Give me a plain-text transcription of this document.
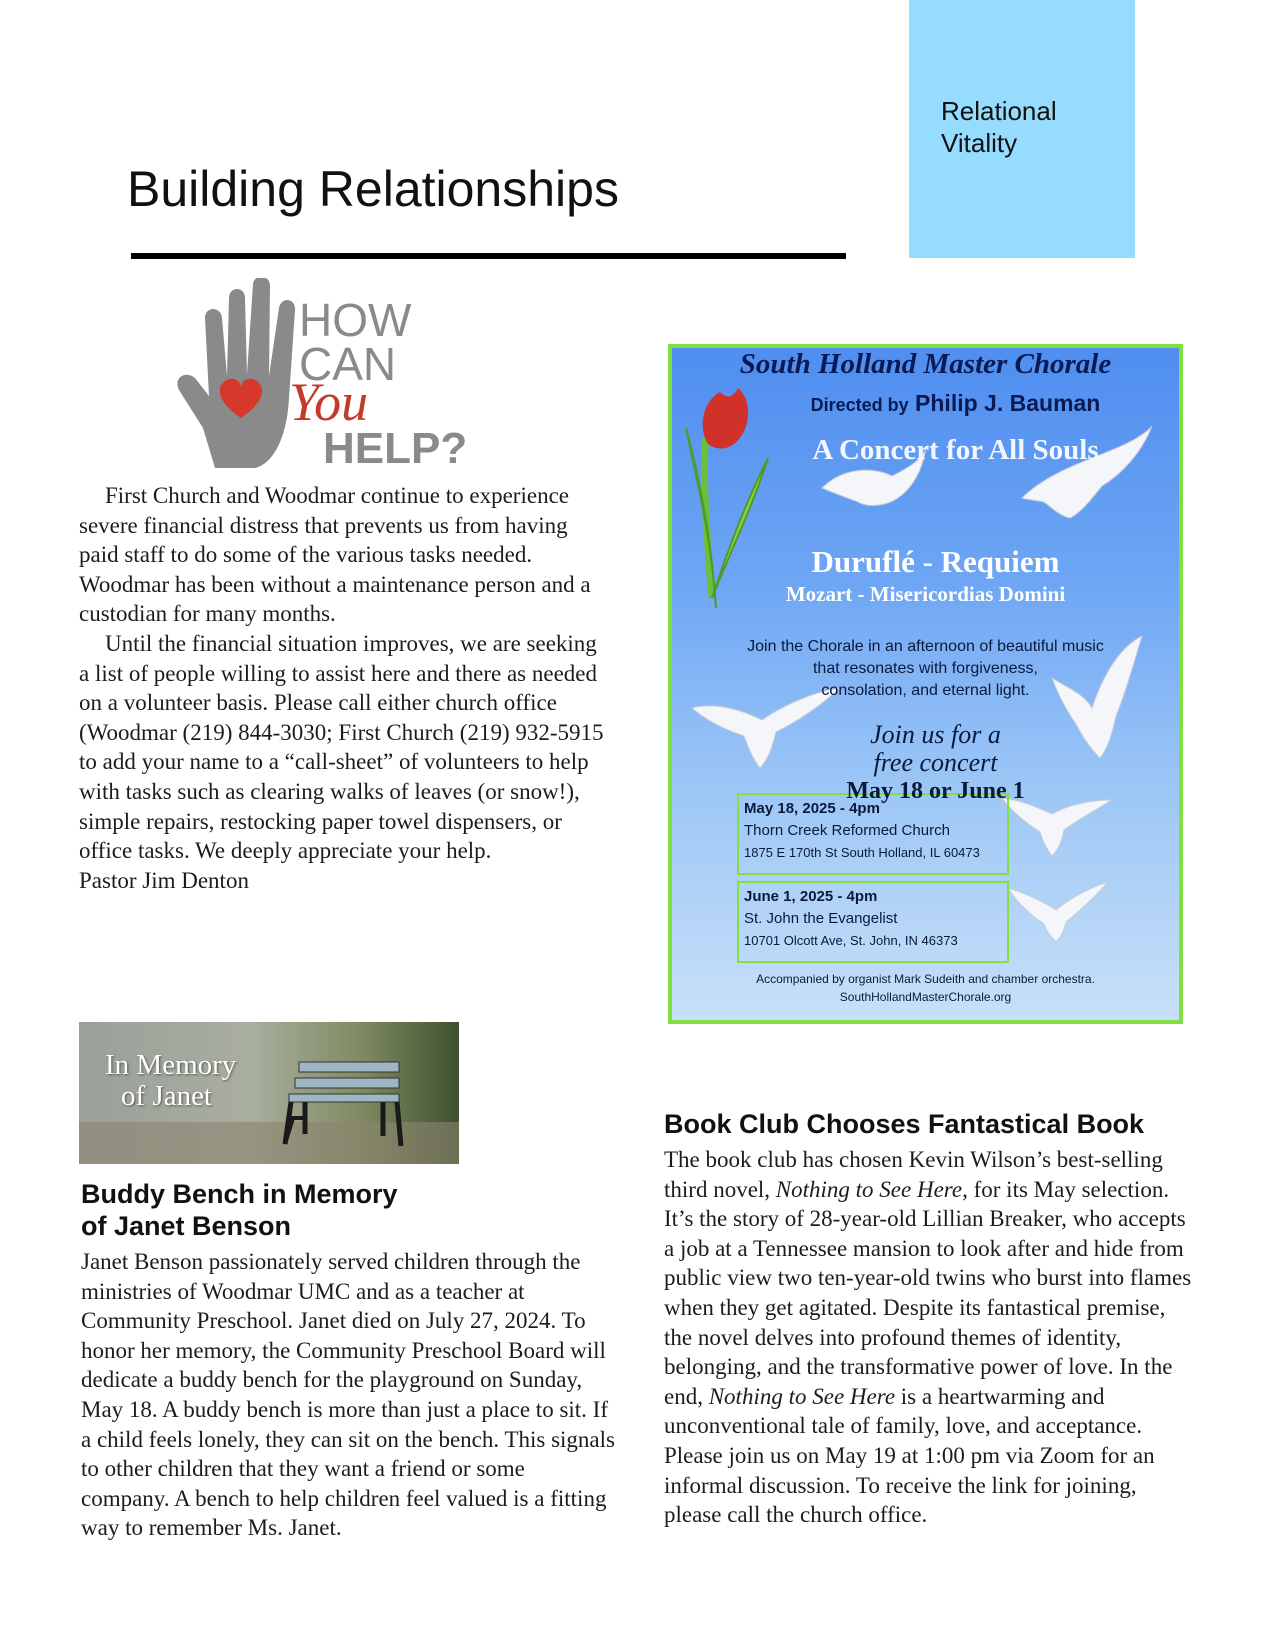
Relational Vitality
Building Relationships
HOW
CAN
You
HELP?

First Church and Woodmar continue to experience severe financial distress that prevents us from having paid staff to do some of the various tasks needed. Woodmar has been without a maintenance person and a custodian for many months.

Until the financial situation improves, we are seeking a list of people willing to assist here and there as needed on a volunteer basis. Please call either church office (Woodmar (219) 844-3030; First Church (219) 932-5915 to add your name to a “call-sheet” of volunteers to help with tasks such as clearing walks of leaves (or snow!), simple repairs, restocking paper towel dispensers, or office tasks. We deeply appreciate your help.

Pastor Jim Denton

South Holland Master Chorale
Directed by Philip J. Bauman
A Concert for All Souls
Duruflé - Requiem
Mozart - Misericordias Domini
Join the Chorale in an afternoon of beautiful music
that resonates with forgiveness,
consolation, and eternal light.
Join us for a
free concert
May 18 or June 1
May 18, 2025 - 4pm
Thorn Creek Reformed Church
1875 E 170th St South Holland, IL 60473
June 1, 2025 - 4pm
St. John the Evangelist
10701 Olcott Ave, St. John, IN 46373
Accompanied by organist Mark Sudeith and chamber orchestra.
SouthHollandMasterChorale.org
In Memory
of Janet
Buddy Bench in Memory
of Janet Benson
Janet Benson passionately served children through the ministries of Woodmar UMC and as a teacher at Community Preschool. Janet died on July 27, 2024. To honor her memory, the Community Preschool Board will dedicate a buddy bench for the playground on Sunday, May 18. A buddy bench is more than just a place to sit. If a child feels lonely, they can sit on the bench. This signals to other children that they want a friend or some company. A bench to help children feel valued is a fitting way to remember Ms. Janet.
Book Club Chooses Fantastical Book
The book club has chosen Kevin Wilson’s best-selling third novel, Nothing to See Here, for its May selection. It’s the story of 28-year-old Lillian Breaker, who accepts a job at a Tennessee mansion to look after and hide from public view two ten-year-old twins who burst into flames when they get agitated. Despite its fantastical premise, the novel delves into profound themes of identity, belonging, and the transformative power of love. In the end, Nothing to See Here is a heartwarming and unconventional tale of family, love, and acceptance. Please join us on May 19 at 1:00 pm via Zoom for an informal discussion. To receive the link for joining, please call the church office.
